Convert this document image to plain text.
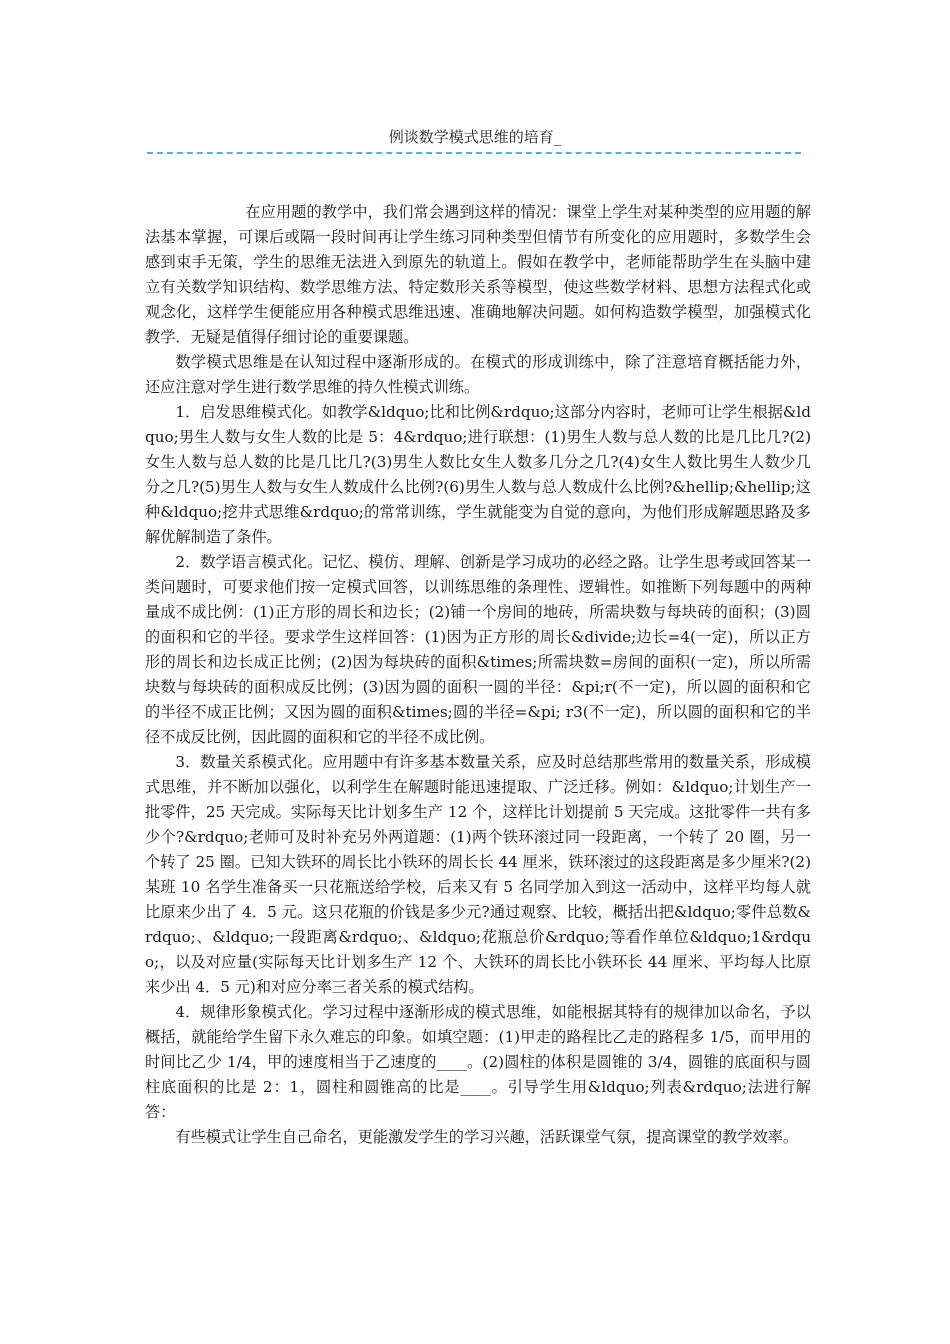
例谈数学模式思维的培育_

在应用题的教学中，我们常会遇到这样的情况：课堂上学生对某种类型的应用题的解法基本掌握，可课后或隔一段时间再让学生练习同种类型但情节有所变化的应用题时，多数学生会感到束手无策，学生的思维无法进入到原先的轨道上。假如在教学中，老师能帮助学生在头脑中建立有关数学知识结构、数学思维方法、特定数形关系等模型，使这些数学材料、思想方法程式化或观念化，这样学生便能应用各种模式思维迅速、准确地解决问题。如何构造数学模型，加强模式化教学．无疑是值得仔细讨论的重要课题。

数学模式思维是在认知过程中逐渐形成的。在模式的形成训练中，除了注意培育概括能力外，还应注意对学生进行数学思维的持久性模式训练。

1．启发思维模式化。如教学&ldquo;比和比例&rdquo;这部分内容时，老师可让学生根据&ldquo;男生人数与女生人数的比是 5：4&rdquo;进行联想：(1)男生人数与总人数的比是几比几?(2)女生人数与总人数的比是几比几?(3)男生人数比女生人数多几分之几?(4)女生人数比男生人数少几分之几?(5)男生人数与女生人数成什么比例?(6)男生人数与总人数成什么比例?&hellip;&hellip;这种&ldquo;挖井式思维&rdquo;的常常训练，学生就能变为自觉的意向，为他们形成解题思路及多解优解制造了条件。

2．数学语言模式化。记忆、模仿、理解、创新是学习成功的必经之路。让学生思考或回答某一类问题时，可要求他们按一定模式回答，以训练思维的条理性、逻辑性。如推断下列每题中的两种量成不成比例：(1)正方形的周长和边长；(2)铺一个房间的地砖，所需块数与每块砖的面积；(3)圆的面积和它的半径。要求学生这样回答：(1)因为正方形的周长&divide;边长=4(一定)，所以正方形的周长和边长成正比例；(2)因为每块砖的面积&times;所需块数=房间的面积(一定)，所以所需块数与每块砖的面积成反比例；(3)因为圆的面积一圆的半径：&pi;r(不一定)，所以圆的面积和它的半径不成正比例；又因为圆的面积&times;圆的半径=&pi; r3(不一定)，所以圆的面积和它的半径不成反比例，因此圆的面积和它的半径不成比例。

3．数量关系模式化。应用题中有许多基本数量关系，应及时总结那些常用的数量关系，形成模式思维，并不断加以强化，以利学生在解题时能迅速提取、广泛迁移。例如：&ldquo;计划生产一批零件，25 天完成。实际每天比计划多生产 12 个，这样比计划提前 5 天完成。这批零件一共有多少个?&rdquo;老师可及时补充另外两道题：(1)两个铁环滚过同一段距离，一个转了 20 圈，另一个转了 25 圈。已知大铁环的周长比小铁环的周长长 44 厘米，铁环滚过的这段距离是多少厘米?(2)某班 10 名学生准备买一只花瓶送给学校，后来又有 5 名同学加入到这一活动中，这样平均每人就比原来少出了 4．5 元。这只花瓶的价钱是多少元?通过观察、比较，概括出把&ldquo;零件总数&rdquo;、&ldquo;一段距离&rdquo;、&ldquo;花瓶总价&rdquo;等看作单位&ldquo;1&rdquo;，以及对应量(实际每天比计划多生产 12 个、大铁环的周长比小铁环长 44 厘米、平均每人比原来少出 4．5 元)和对应分率三者关系的模式结构。

4．规律形象模式化。学习过程中逐渐形成的模式思维，如能根据其特有的规律加以命名，予以概括，就能给学生留下永久难忘的印象。如填空题：(1)甲走的路程比乙走的路程多 1/5，而甲用的时间比乙少 1/4，甲的速度相当于乙速度的____。(2)圆柱的体积是圆锥的 3/4，圆锥的底面积与圆柱底面积的比是 2：1，圆柱和圆锥高的比是____。引导学生用&ldquo;列表&rdquo;法进行解答：

有些模式让学生自己命名，更能激发学生的学习兴趣，活跃课堂气氛，提高课堂的教学效率。
